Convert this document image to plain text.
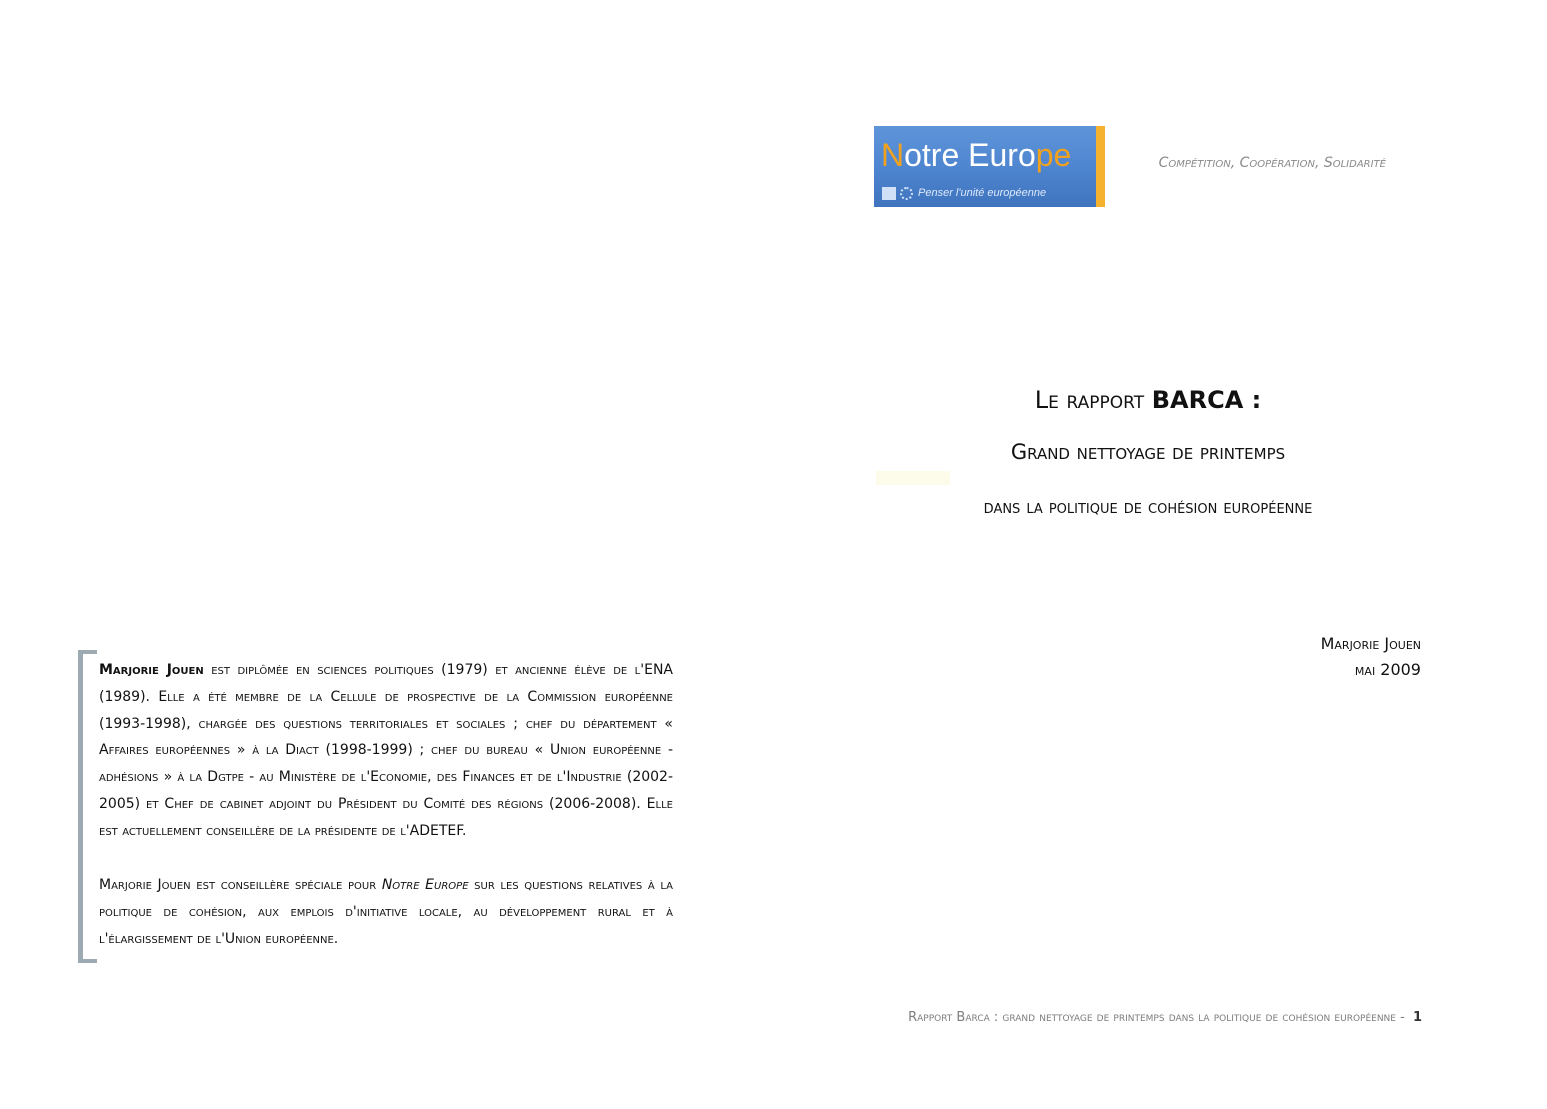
Notre Europe
Penser l'unité européenne
Compétition, Coopération, Solidarité
Le rapport BARCA :
Grand nettoyage de printemps
dans la politique de cohésion européenne
Marjorie Jouen
mai 2009
Marjorie Jouen est diplômée en sciences politiques (1979) et ancienne élève de l'ENA (1989). Elle a été membre de la Cellule de prospective de la Commission européenne (1993-1998), chargée des questions territoriales et sociales ; chef du département « Affaires européennes » à la Diact (1998-1999) ; chef du bureau « Union européenne - adhésions » à la Dgtpe - au Ministère de l'Economie, des Finances et de l'Industrie (2002-2005) et Chef de cabinet adjoint du Président du Comité des régions (2006-2008). Elle est actuellement conseillère de la présidente de l'ADETEF.
Marjorie Jouen est conseillère spéciale pour Notre Europe sur les questions relatives à la politique de cohésion, aux emplois d'initiative locale, au développement rural et à l'élargissement de l'Union européenne.
Rapport Barca : grand nettoyage de printemps dans la politique de cohésion européenne - 1
